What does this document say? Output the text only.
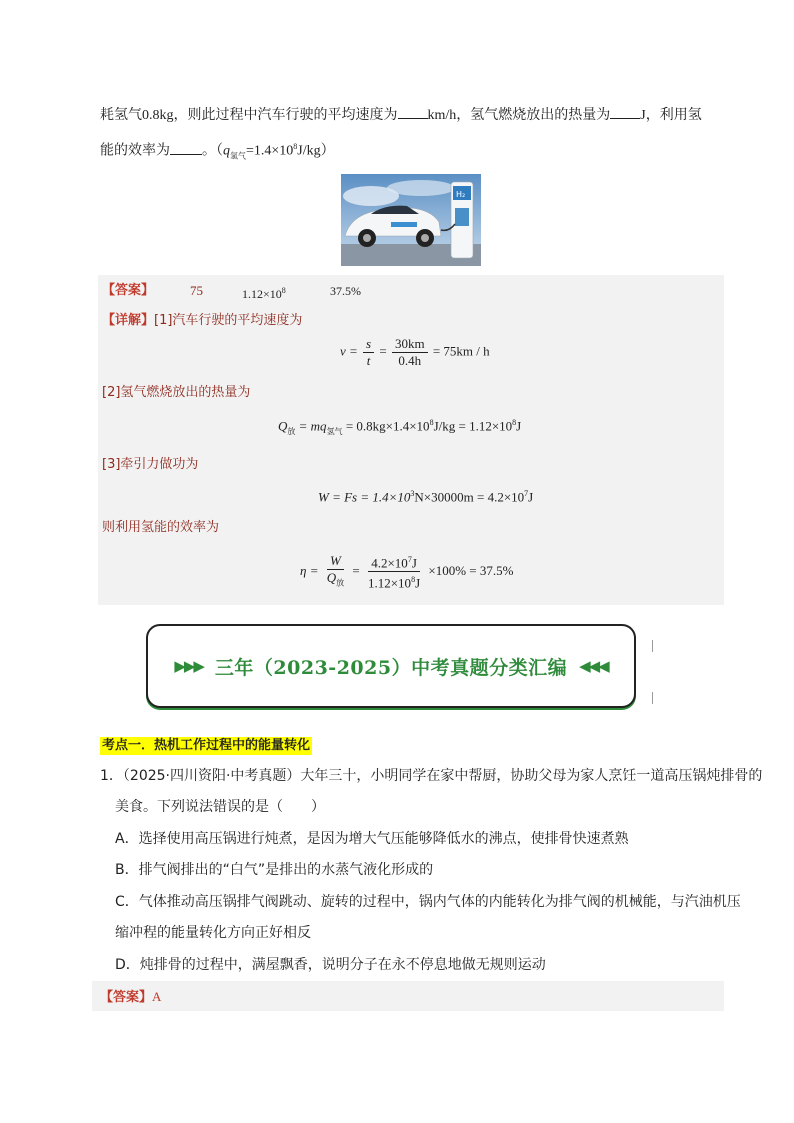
耗氢气0.8kg，则此过程中汽车行驶的平均速度为 km/h，氢气燃烧放出的热量为 J，利用氢
能的效率为 。$(q_{氢气}=1.4\times 10^8J/kg)$
H₂
【答案】	75	$1.12\times 10^8$	37.5%
【详解】[1]汽车行驶的平均速度为
$v = \frac{s}{t} = \frac{30km}{0.4h} = 75km / h$
[2]氢气燃烧放出的热量为
$Q_放 = mq_{氢气} = 0.8kg\times 1.4\times 10^8J/kg = 1.12\times 10^8J$
[3]牵引力做功为
$W = Fs = 1.4\times 10^3N\times 30000m = 4.2\times 10^7J$
则利用氢能的效率为
$\eta = \frac{W}{Q_放} = \frac{4.2\times 10^7J}{1.12\times 10^8J} \times 100\% = 37.5\%$
▶▶▶ 三年（2023-2025）中考真题分类汇编 ◀◀◀
考点一．热机工作过程中的能量转化
1．（2025·四川资阳·中考真题）大年三十，小明同学在家中帮厨，协助父母为家人烹饪一道高压锅炖排骨的
美食。下列说法错误的是（　　）
A．选择使用高压锅进行炖煮，是因为增大气压能够降低水的沸点，使排骨快速煮熟
B．排气阀排出的“白气”是排出的水蒸气液化形成的
C．气体推动高压锅排气阀跳动、旋转的过程中，锅内气体的内能转化为排气阀的机械能，与汽油机压
缩冲程的能量转化方向正好相反
D．炖排骨的过程中，满屋飘香，说明分子在永不停息地做无规则运动
【答案】A
